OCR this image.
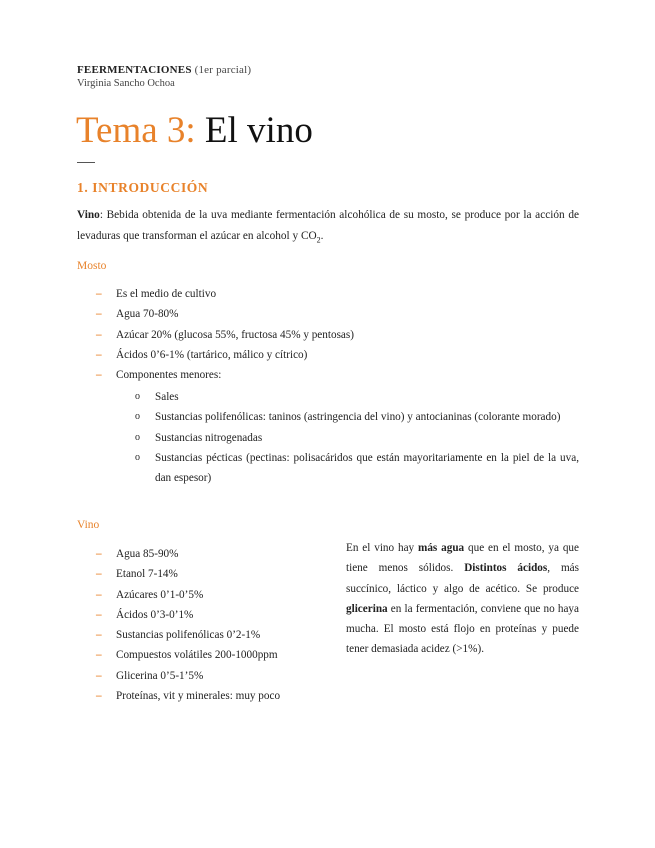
FEERMENTACIONES (1er parcial)
Virginia Sancho Ochoa
Tema 3: El vino
1. INTRODUCCIÓN
Vino: Bebida obtenida de la uva mediante fermentación alcohólica de su mosto, se produce por la acción de levaduras que transforman el azúcar en alcohol y $CO_2$.
Mosto
– Es el medio de cultivo
– Agua 70-80%
– Azúcar 20% (glucosa 55%, fructosa 45% y pentosas)
– Ácidos 0’6-1% (tartárico, málico y cítrico)
– Componentes menores:
o Sales
o Sustancias polifenólicas: taninos (astringencia del vino) y antocianinas (colorante morado)
o Sustancias nitrogenadas
o Sustancias pécticas (pectinas: polisacáridos que están mayoritariamente en la piel de la uva, dan espesor)
Vino
– Agua 85-90%
– Etanol 7-14%
– Azúcares 0’1-0’5%
– Ácidos 0’3-0’1%
– Sustancias polifenólicas 0’2-1%
– Compuestos volátiles 200-1000ppm
– Glicerina 0’5-1’5%
– Proteínas, vit y minerales: muy poco
En el vino hay más agua que en el mosto, ya que tiene menos sólidos. Distintos ácidos, más succínico, láctico y algo de acético. Se produce glicerina en la fermentación, conviene que no haya mucha. El mosto está flojo en proteínas y puede tener demasiada acidez (>1%).
